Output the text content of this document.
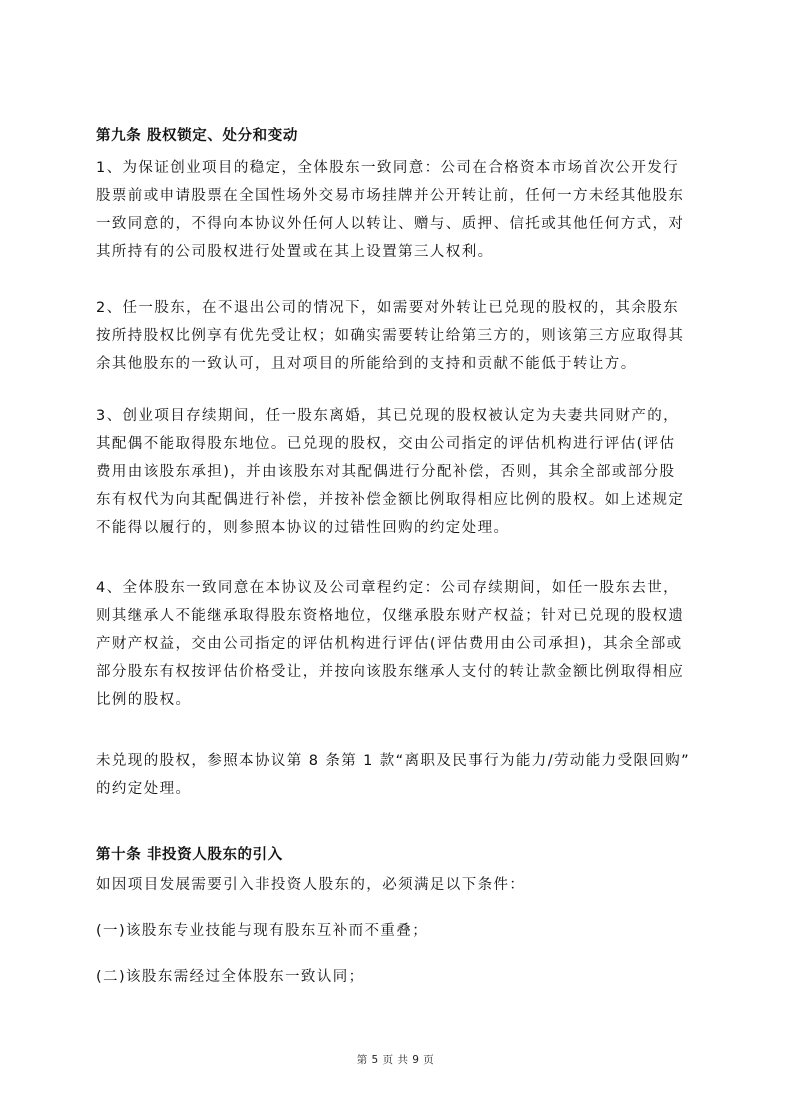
第九条 股权锁定、处分和变动

1、为保证创业项目的稳定，全体股东一致同意：公司在合格资本市场首次公开发行
股票前或申请股票在全国性场外交易市场挂牌并公开转让前，任何一方未经其他股东
一致同意的，不得向本协议外任何人以转让、赠与、质押、信托或其他任何方式，对
其所持有的公司股权进行处置或在其上设置第三人权利。

2、任一股东，在不退出公司的情况下，如需要对外转让已兑现的股权的，其余股东
按所持股权比例享有优先受让权；如确实需要转让给第三方的，则该第三方应取得其
余其他股东的一致认可，且对项目的所能给到的支持和贡献不能低于转让方。

3、创业项目存续期间，任一股东离婚，其已兑现的股权被认定为夫妻共同财产的，
其配偶不能取得股东地位。已兑现的股权，交由公司指定的评估机构进行评估(评估
费用由该股东承担)，并由该股东对其配偶进行分配补偿，否则，其余全部或部分股
东有权代为向其配偶进行补偿，并按补偿金额比例取得相应比例的股权。如上述规定
不能得以履行的，则参照本协议的过错性回购的约定处理。

4、全体股东一致同意在本协议及公司章程约定：公司存续期间，如任一股东去世，
则其继承人不能继承取得股东资格地位，仅继承股东财产权益；针对已兑现的股权遗
产财产权益，交由公司指定的评估机构进行评估(评估费用由公司承担)，其余全部或
部分股东有权按评估价格受让，并按向该股东继承人支付的转让款金额比例取得相应
比例的股权。

未兑现的股权，参照本协议第 8 条第 1 款“离职及民事行为能力/劳动能力受限回购”
的约定处理。

第十条 非投资人股东的引入

如因项目发展需要引入非投资人股东的，必须满足以下条件：

(一)该股东专业技能与现有股东互补而不重叠；

(二)该股东需经过全体股东一致认同；

第 5 页 共 9 页
